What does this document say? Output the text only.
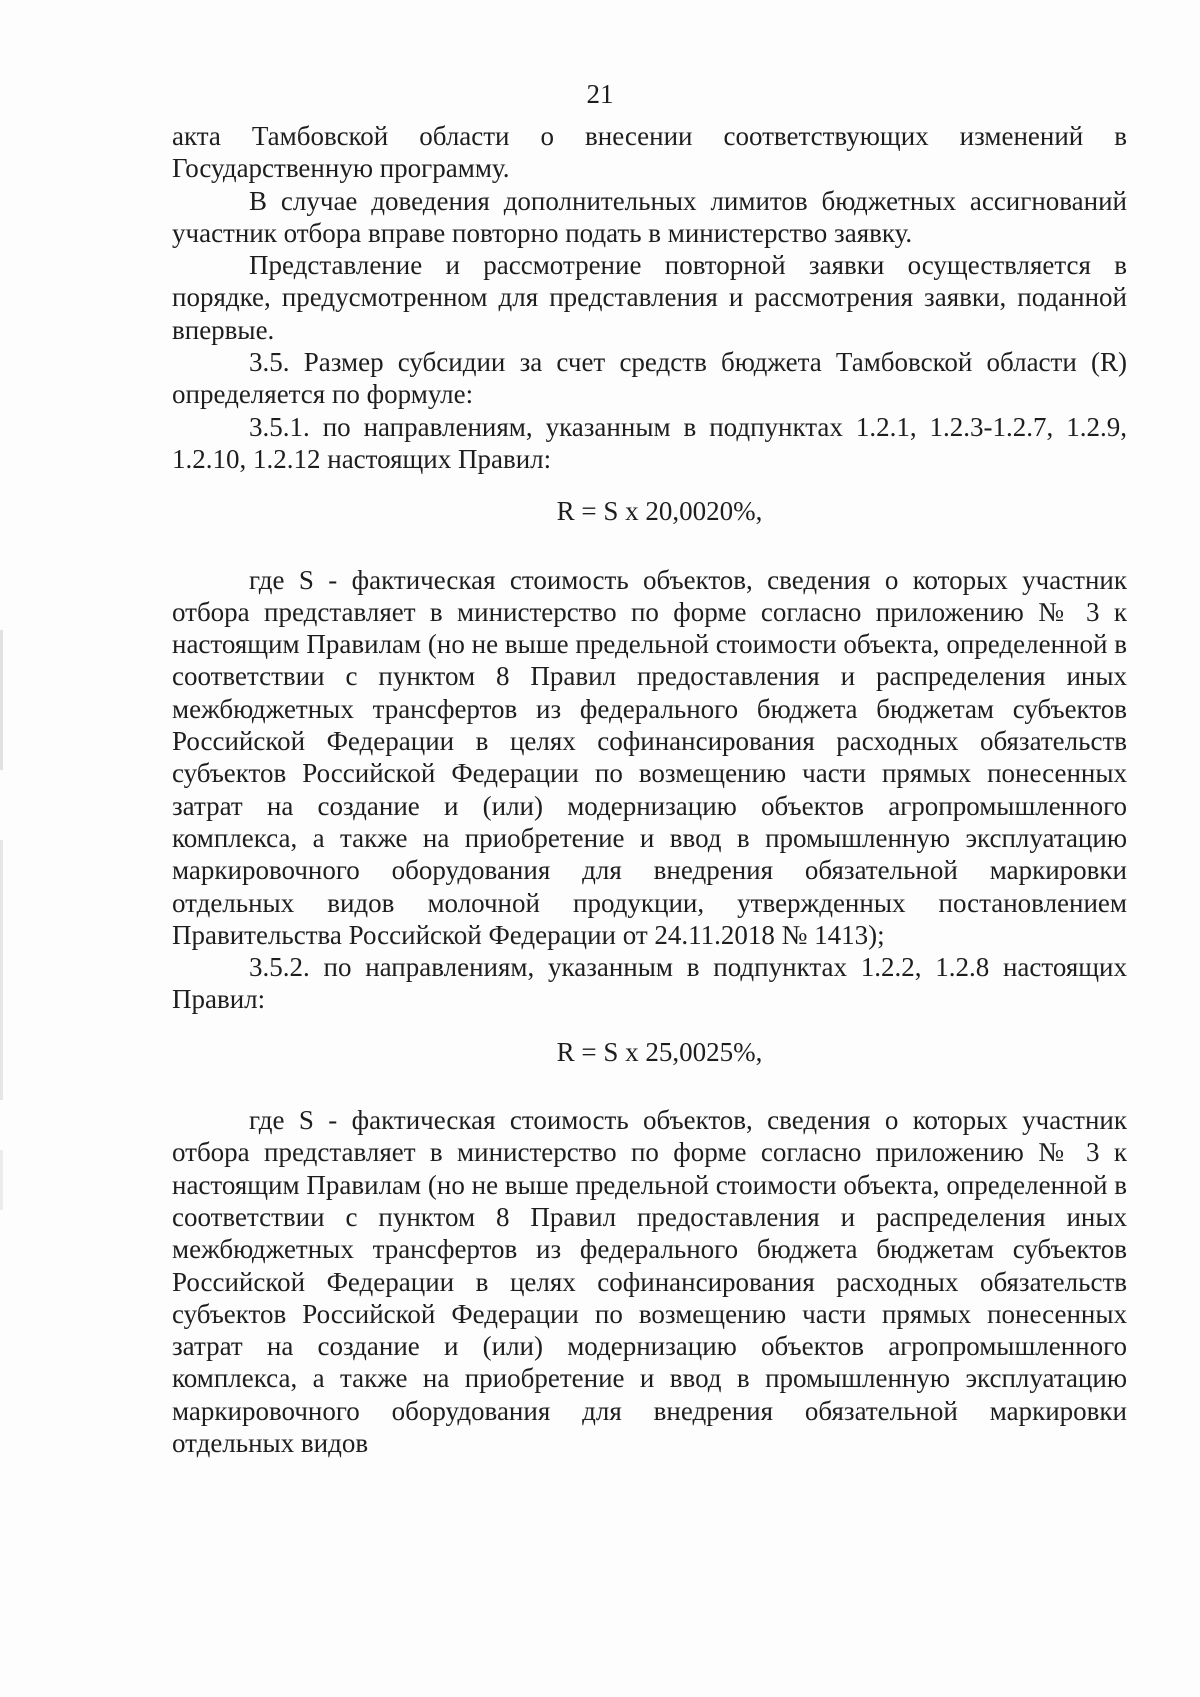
21

акта Тамбовской области о внесении соответствующих изменений в Государственную программу.

В случае доведения дополнительных лимитов бюджетных ассигнований участник отбора вправе повторно подать в министерство заявку.

Представление и рассмотрение повторной заявки осуществляется в порядке, предусмотренном для представления и рассмотрения заявки, поданной впервые.

3.5. Размер субсидии за счет средств бюджета Тамбовской области (R) определяется по формуле:

3.5.1. по направлениям, указанным в подпунктах 1.2.1, 1.2.3-1.2.7, 1.2.9, 1.2.10, 1.2.12 настоящих Правил:

R = S x 20,0020%,

где S - фактическая стоимость объектов, сведения о которых участник отбора представляет в министерство по форме согласно приложению № 3 к настоящим Правилам (но не выше предельной стоимости объекта, определенной в соответствии с пунктом 8 Правил предоставления и распределения иных межбюджетных трансфертов из федерального бюджета бюджетам субъектов Российской Федерации в целях софинансирования расходных обязательств субъектов Российской Федерации по возмещению части прямых понесенных затрат на создание и (или) модернизацию объектов агропромышленного комплекса, а также на приобретение и ввод в промышленную эксплуатацию маркировочного оборудования для внедрения обязательной маркировки отдельных видов молочной продукции, утвержденных постановлением Правительства Российской Федерации от 24.11.2018 № 1413);

3.5.2. по направлениям, указанным в подпунктах 1.2.2, 1.2.8 настоящих Правил:

R = S x 25,0025%,

где S - фактическая стоимость объектов, сведения о которых участник отбора представляет в министерство по форме согласно приложению № 3 к настоящим Правилам (но не выше предельной стоимости объекта, определенной в соответствии с пунктом 8 Правил предоставления и распределения иных межбюджетных трансфертов из федерального бюджета бюджетам субъектов Российской Федерации в целях софинансирования расходных обязательств субъектов Российской Федерации по возмещению части прямых понесенных затрат на создание и (или) модернизацию объектов агропромышленного комплекса, а также на приобретение и ввод в промышленную эксплуатацию маркировочного оборудования для внедрения обязательной маркировки отдельных видов
